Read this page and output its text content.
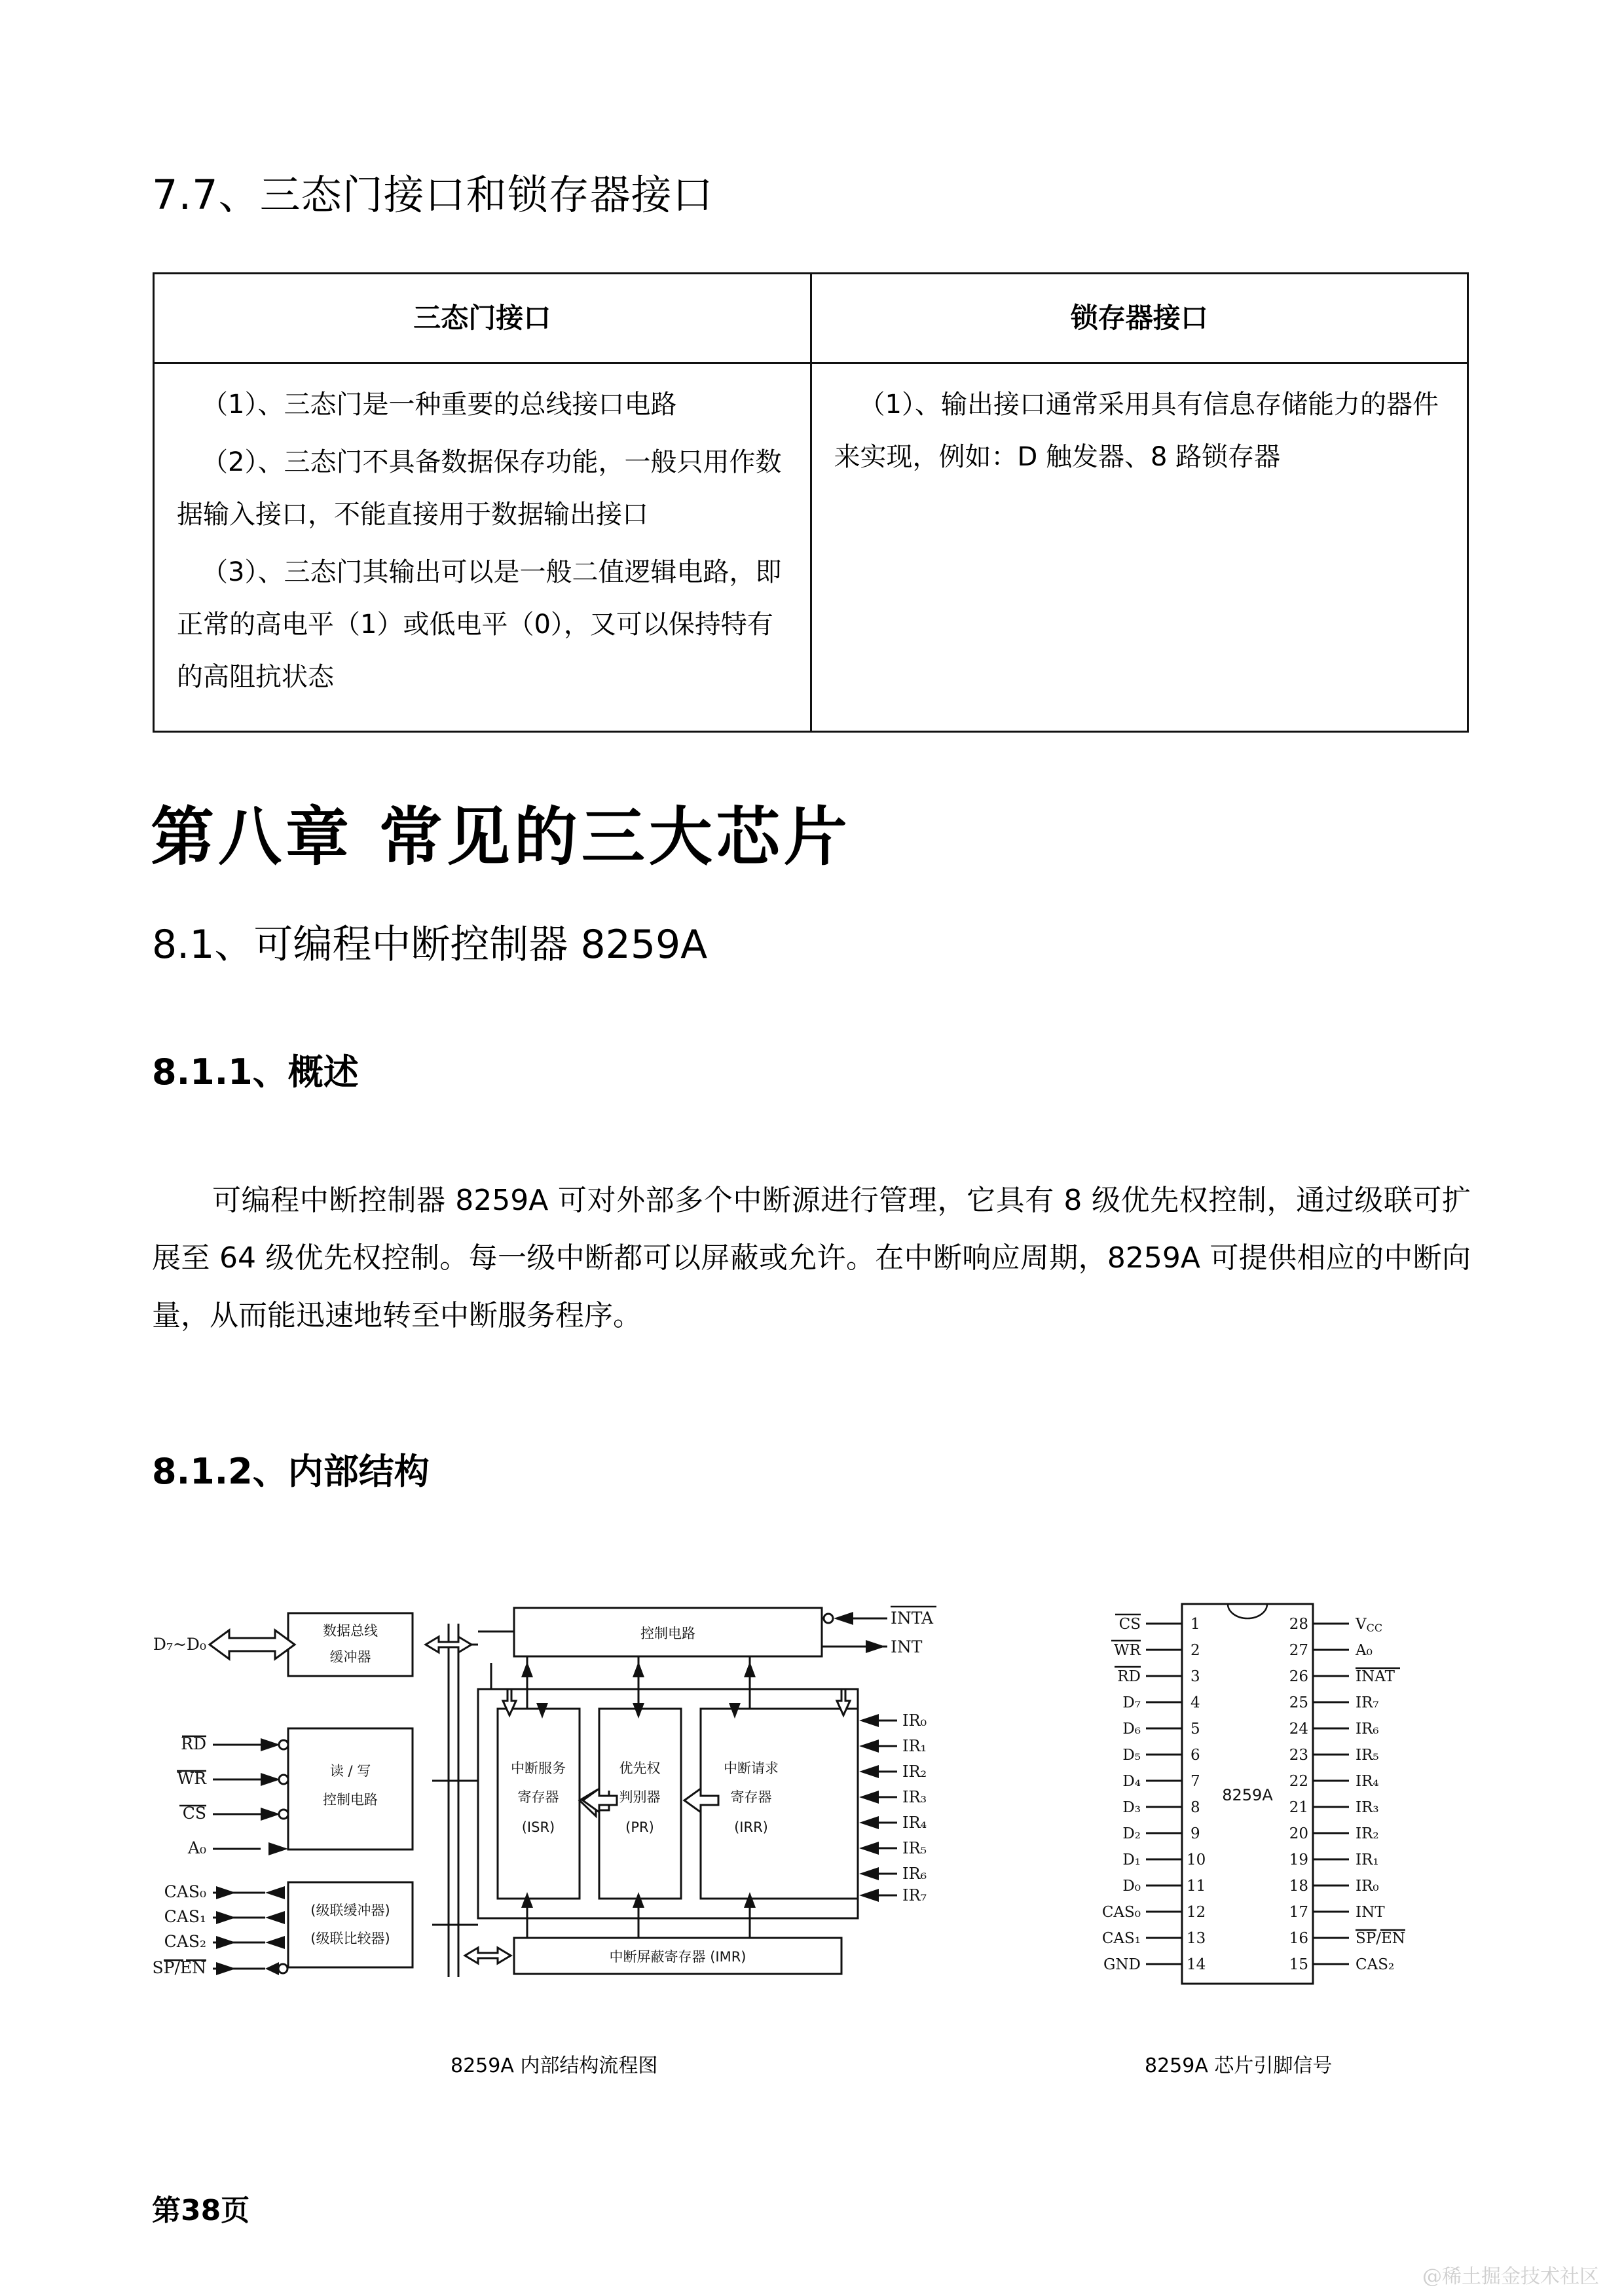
7.7、三态门接口和锁存器接口
三态门接口	锁存器接口

（1）、三态门是一种重要的总线接口电路

（2）、三态门不具备数据保存功能，一般只用作数据输入接口，不能直接用于数据输出接口

（3）、三态门其输出可以是一般二值逻辑电路，即正常的高电平（1）或低电平（0），又可以保持特有的高阻抗状态	（1）、输出接口通常采用具有信息存储能力的器件来实现，例如：D 触发器、8 路锁存器

第八章 常见的三大芯片
8.1、可编程中断控制器 8259A
8.1.1、概述
可编程中断控制器 8259A 可对外部多个中断源进行管理，它具有 8 级优先权控制，通过级联可扩展至 64 级优先权控制。每一级中断都可以屏蔽或允许。在中断响应周期，8259A 可提供相应的中断向量，从而能迅速地转至中断服务程序。
8.1.2、内部结构
数据总线
缓冲器
读 / 写
控制电路
(级联缓冲器)
(级联比较器)
控制电路
中断服务
寄存器
(ISR)
优先权
判别器
(PR)
中断请求
寄存器
(IRR)
中断屏蔽寄存器 (IMR)
D₇~D₀
RD
WR
CS
A₀
CAS₀
CAS₁
CAS₂
SP/EN
INTA
INT
IR₀
IR₁
IR₂
IR₃
IR₄
IR₅
IR₆
IR₇
8259A
CS
WR
RD
D₇
D₆
D₅
D₄
D₃
D₂
D₁
D₀
CAS₀
CAS₁
GND
1
2
3
4
5
6
7
8
9
10
11
12
13
14
28
27
26
25
24
23
22
21
20
19
18
17
16
15
VCC
A₀
INAT
IR₇
IR₆
IR₅
IR₄
IR₃
IR₂
IR₁
IR₀
INT
SP/EN
CAS₂
8259A 内部结构流程图	8259A 芯片引脚信号
第38页
@稀土掘金技术社区
